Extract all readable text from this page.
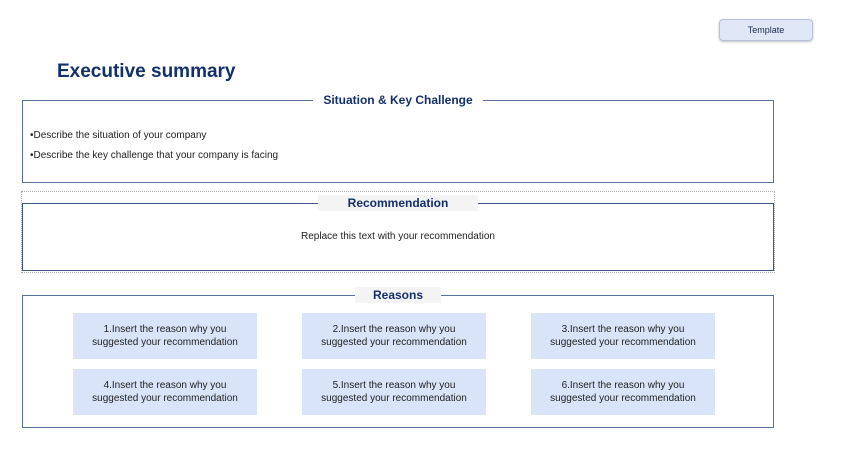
Template
Executive summary
Situation & Key Challenge
•Describe the situation of your company
•Describe the key challenge that your company is facing
Recommendation
Replace this text with your recommendation
Reasons
1.Insert the reason why you
suggested your recommendation
2.Insert the reason why you
suggested your recommendation
3.Insert the reason why you
suggested your recommendation
4.Insert the reason why you
suggested your recommendation
5.Insert the reason why you
suggested your recommendation
6.Insert the reason why you
suggested your recommendation
